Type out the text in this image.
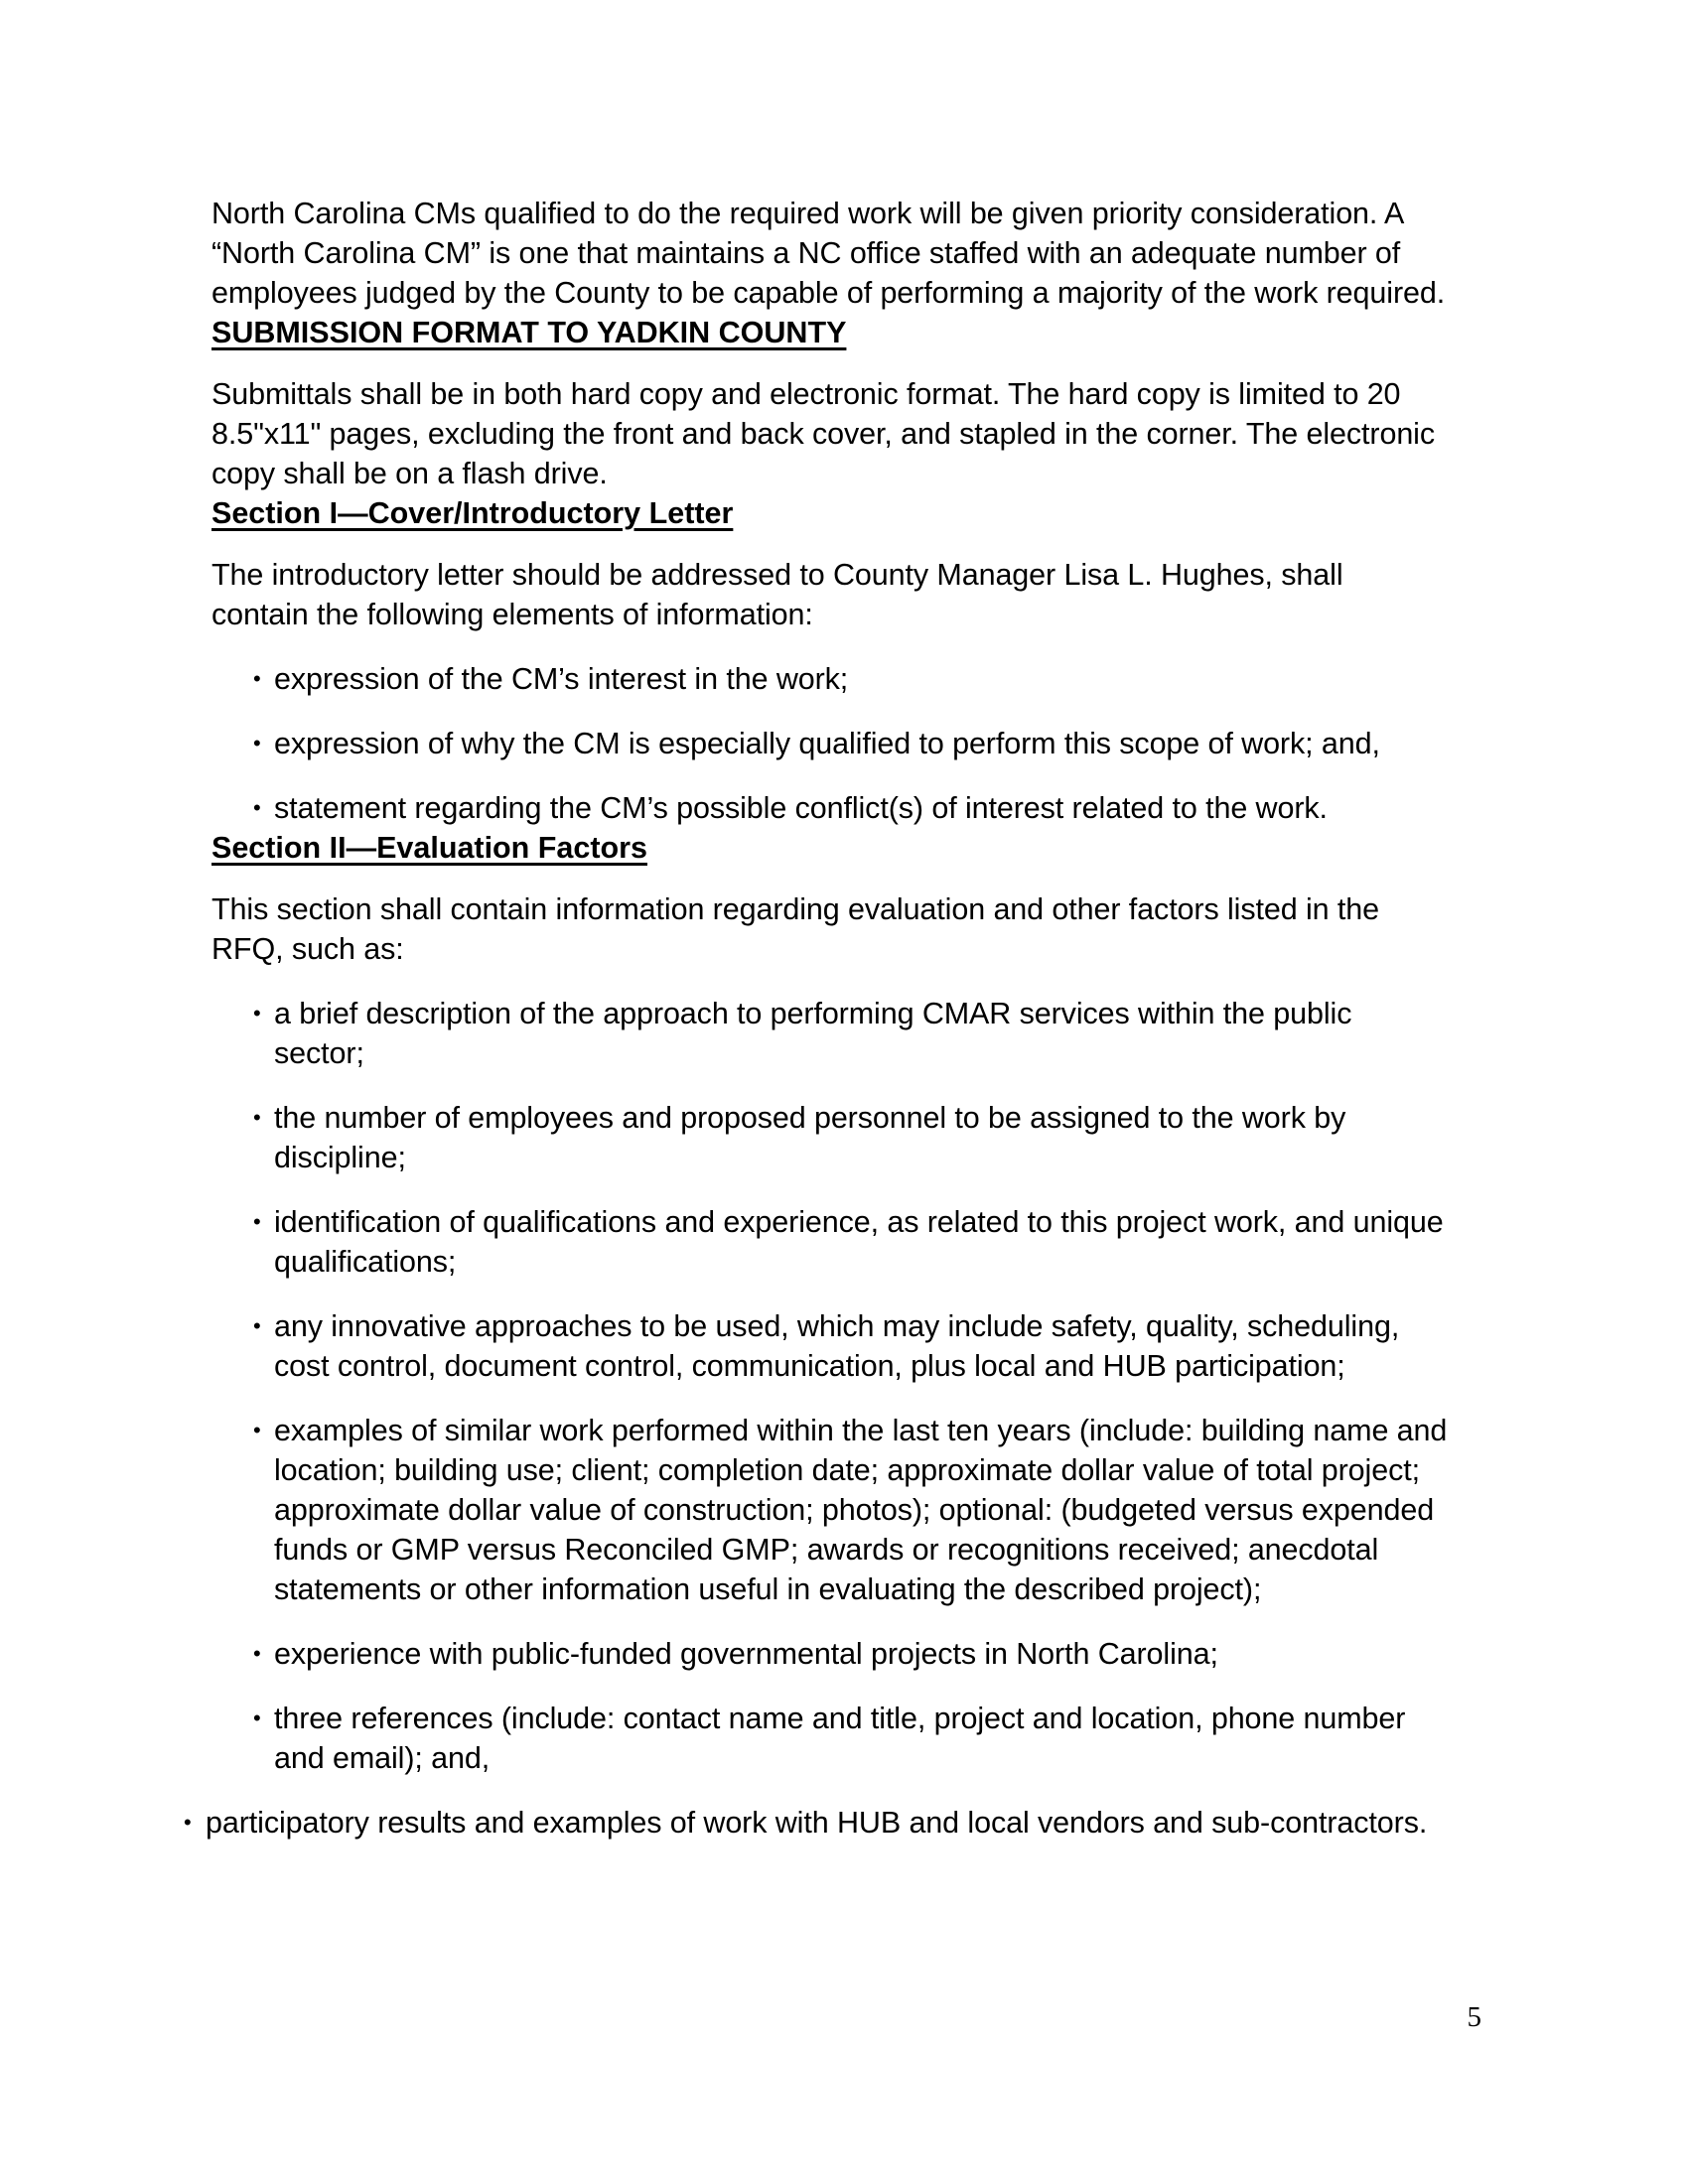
North Carolina CMs qualified to do the required work will be given priority consideration. A “North Carolina CM” is one that maintains a NC office staffed with an adequate number of employees judged by the County to be capable of performing a majority of the work required.

SUBMISSION FORMAT TO YADKIN COUNTY

Submittals shall be in both hard copy and electronic format. The hard copy is limited to 20 8.5"x11" pages, excluding the front and back cover, and stapled in the corner. The electronic copy shall be on a flash drive.

Section I—Cover/Introductory Letter

The introductory letter should be addressed to County Manager Lisa L. Hughes, shall contain the following elements of information:

• expression of the CM’s interest in the work;
• expression of why the CM is especially qualified to perform this scope of work; and,
• statement regarding the CM’s possible conflict(s) of interest related to the work.
Section II—Evaluation Factors

This section shall contain information regarding evaluation and other factors listed in the RFQ, such as:

• a brief description of the approach to performing CMAR services within the public sector;
• the number of employees and proposed personnel to be assigned to the work by discipline;
• identification of qualifications and experience, as related to this project work, and unique qualifications;
• any innovative approaches to be used, which may include safety, quality, scheduling, cost control, document control, communication, plus local and HUB participation;
• examples of similar work performed within the last ten years (include: building name and location; building use; client; completion date; approximate dollar value of total project; approximate dollar value of construction; photos); optional: (budgeted versus expended funds or GMP versus Reconciled GMP; awards or recognitions received; anecdotal statements or other information useful in evaluating the described project);
• experience with public-funded governmental projects in North Carolina;
• three references (include: contact name and title, project and location, phone number and email); and,
• participatory results and examples of work with HUB and local vendors and sub-contractors.
5
